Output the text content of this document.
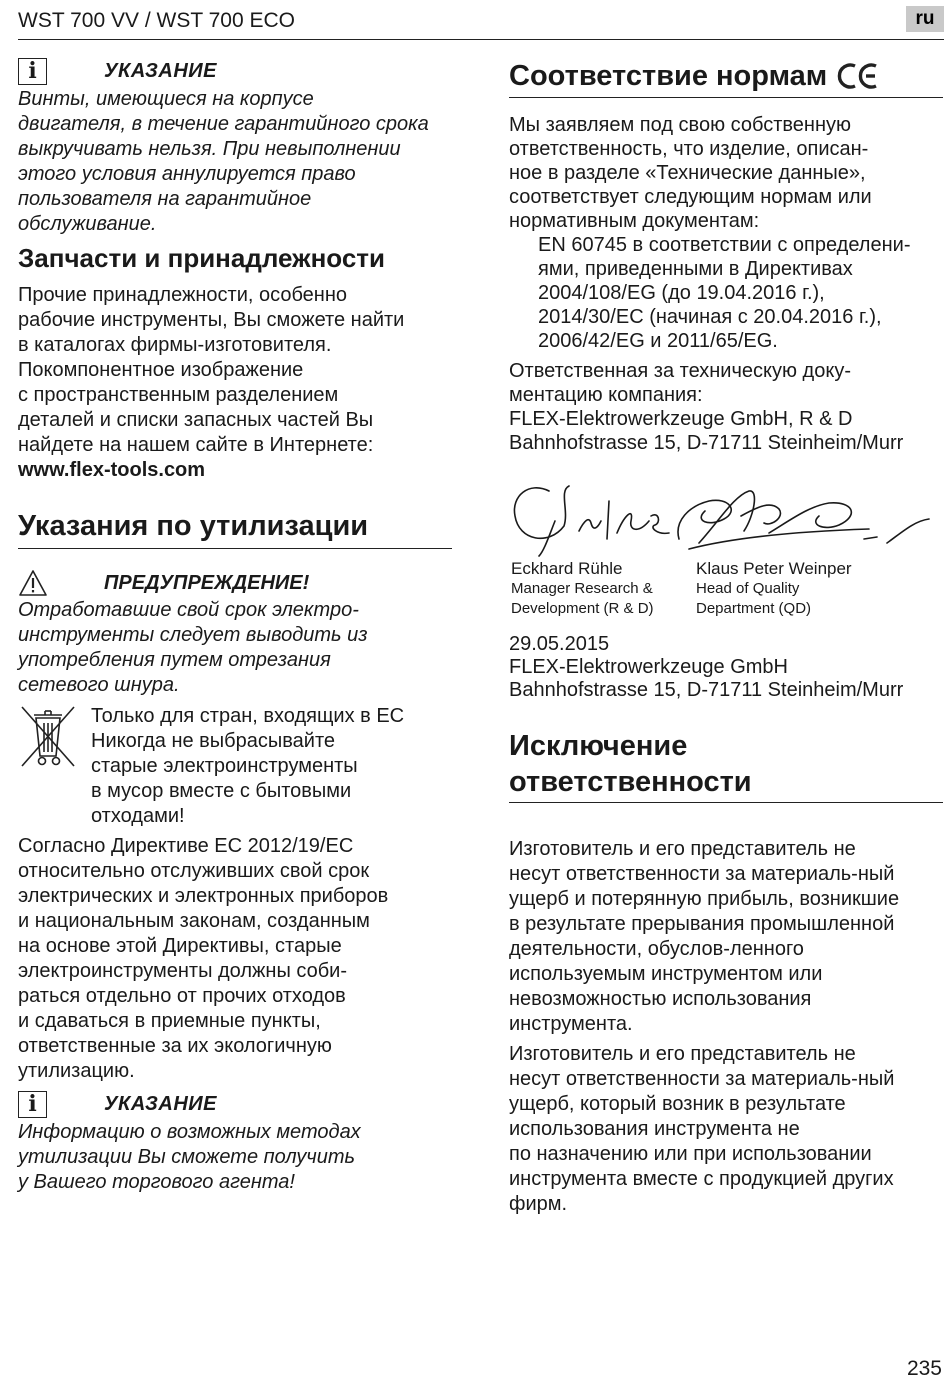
WST 700 VV / WST 700 ECO	ru
i	УКАЗАНИЕ

Винты, имеющиеся на корпусе
двигателя, в течение гарантийного срока
выкручивать нельзя. При невыполнении
этого условия аннулируется право
пользователя на гарантийное
обслуживание.

Запчасти и принадлежности

Прочие принадлежности, особенно
рабочие инструменты, Вы сможете найти
в каталогах фирмы-изготовителя.
Покомпонентное изображение
с пространственным разделением
деталей и списки запасных частей Вы
найдете на нашем сайте в Интернете:
www.flex-tools.com

Указания по утилизации
ПРЕДУПРЕЖДЕНИЕ!

Отработавшие свой срок электро-
инструменты следует выводить из
употребления путем отрезания
сетевого шнура.

Только для стран, входящих в ЕС
Никогда не выбрасывайте
старые электроинструменты
в мусор вместе с бытовыми
отходами!

Согласно Директиве ЕС 2012/19/EC
относительно отслуживших свой срок
электрических и электронных приборов
и национальным законам, созданным
на основе этой Директивы, старые
электроинструменты должны соби-
раться отдельно от прочих отходов
и сдаваться в приемные пункты,
ответственные за их экологичную
утилизацию.

i	УКАЗАНИЕ

Информацию о возможных методах
утилизации Вы сможете получить
у Вашего торгового агента!

Соответствие нормам

Мы заявляем под свою собственную
ответственность, что изделие, описан-
ное в разделе «Технические данные»,
соответствует следующим нормам или
нормативным документам:

EN 60745 в соответствии с определени-
ями, приведенными в Директивах
2004/108/EG (до 19.04.2016 г.),
2014/30/EC (начиная с 20.04.2016 г.),
2006/42/EG и 2011/65/EG.

Ответственная за техническую доку-
ментацию компания:
FLEX-Elektrowerkzeuge GmbH, R & D
Bahnhofstrasse 15, D-71711 Steinheim/Murr

Eckhard Rühle
Manager Research &
Development (R & D)
Klaus Peter Weinper
Head of Quality
Department (QD)

29.05.2015
FLEX-Elektrowerkzeuge GmbH
Bahnhofstrasse 15, D-71711 Steinheim/Murr

Исключение
ответственности

Изготовитель и его представитель не
несут ответственности за материаль-ный
ущерб и потерянную прибыль, возникшие
в результате прерывания промышленной
деятельности, обуслов-ленного
используемым инструментом или
невозможностью использования
инструмента.

Изготовитель и его представитель не
несут ответственности за материаль-ный
ущерб, который возник в результате
использования инструмента не
по назначению или при использовании
инструмента вместе с продукцией других
фирм.

235
